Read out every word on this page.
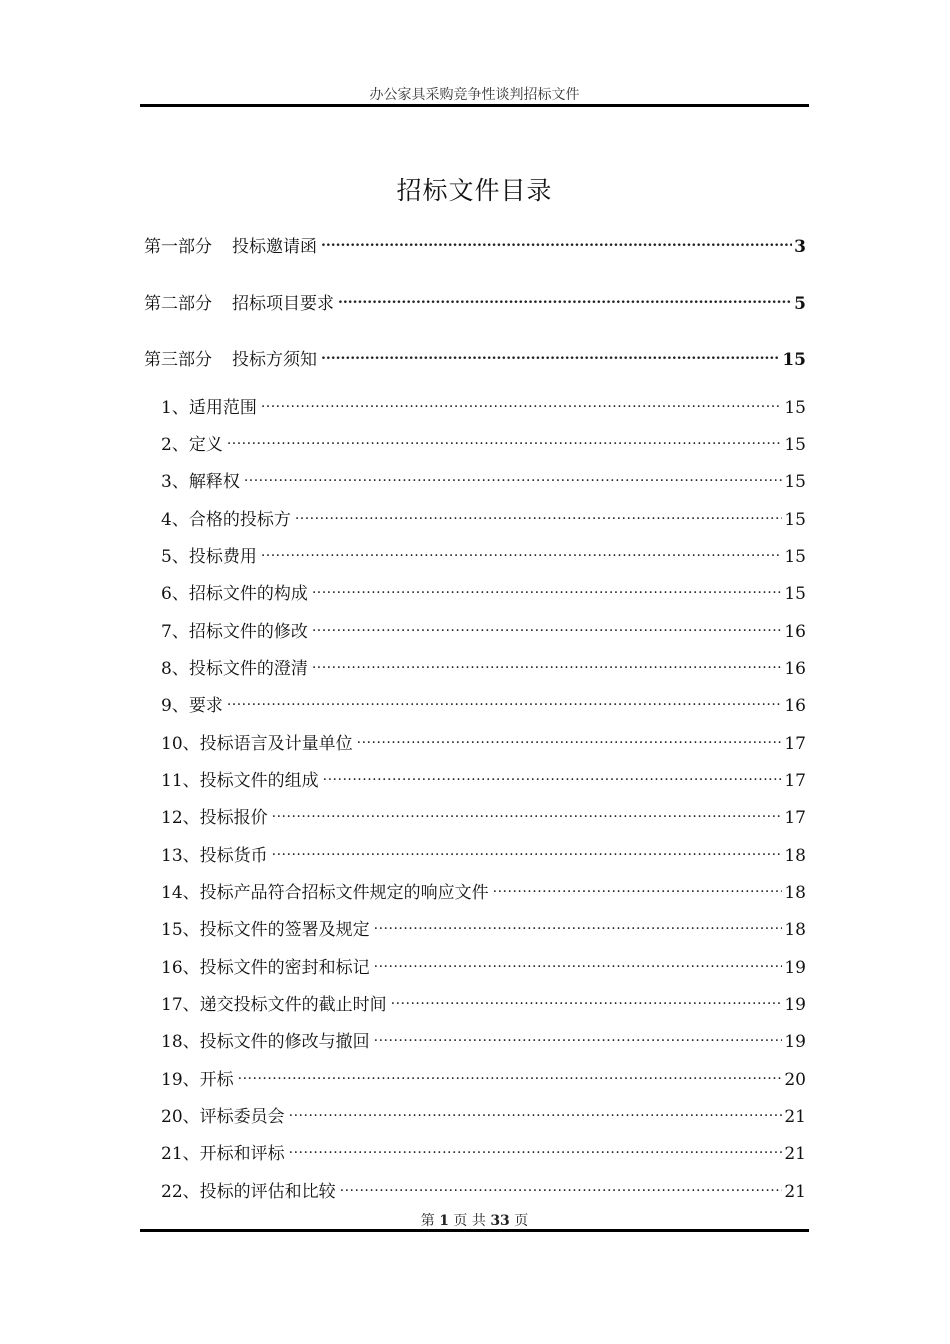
办公家具采购竞争性谈判招标文件
招标文件目录
第一部分 投标邀请函 .....	3
第二部分 招标项目要求 .....	5
第三部分 投标方须知 .....	15
1、适用范围 .....	15
2、定义 .....	15
3、解释权 .....	15
4、合格的投标方 .....	15
5、投标费用 .....	15
6、招标文件的构成 .....	15
7、招标文件的修改 .....	16
8、投标文件的澄清 .....	16
9、要求 .....	16
10、投标语言及计量单位 .....	17
11、投标文件的组成 .....	17
12、投标报价 .....	17
13、投标货币 .....	18
14、投标产品符合招标文件规定的响应文件 .....	18
15、投标文件的签署及规定 .....	18
16、投标文件的密封和标记 .....	19
17、递交投标文件的截止时间 .....	19
18、投标文件的修改与撤回 .....	19
19、开标 .....	20
20、评标委员会 .....	21
21、开标和评标 .....	21
22、投标的评估和比较 .....	21
第 1 页 共 33 页
